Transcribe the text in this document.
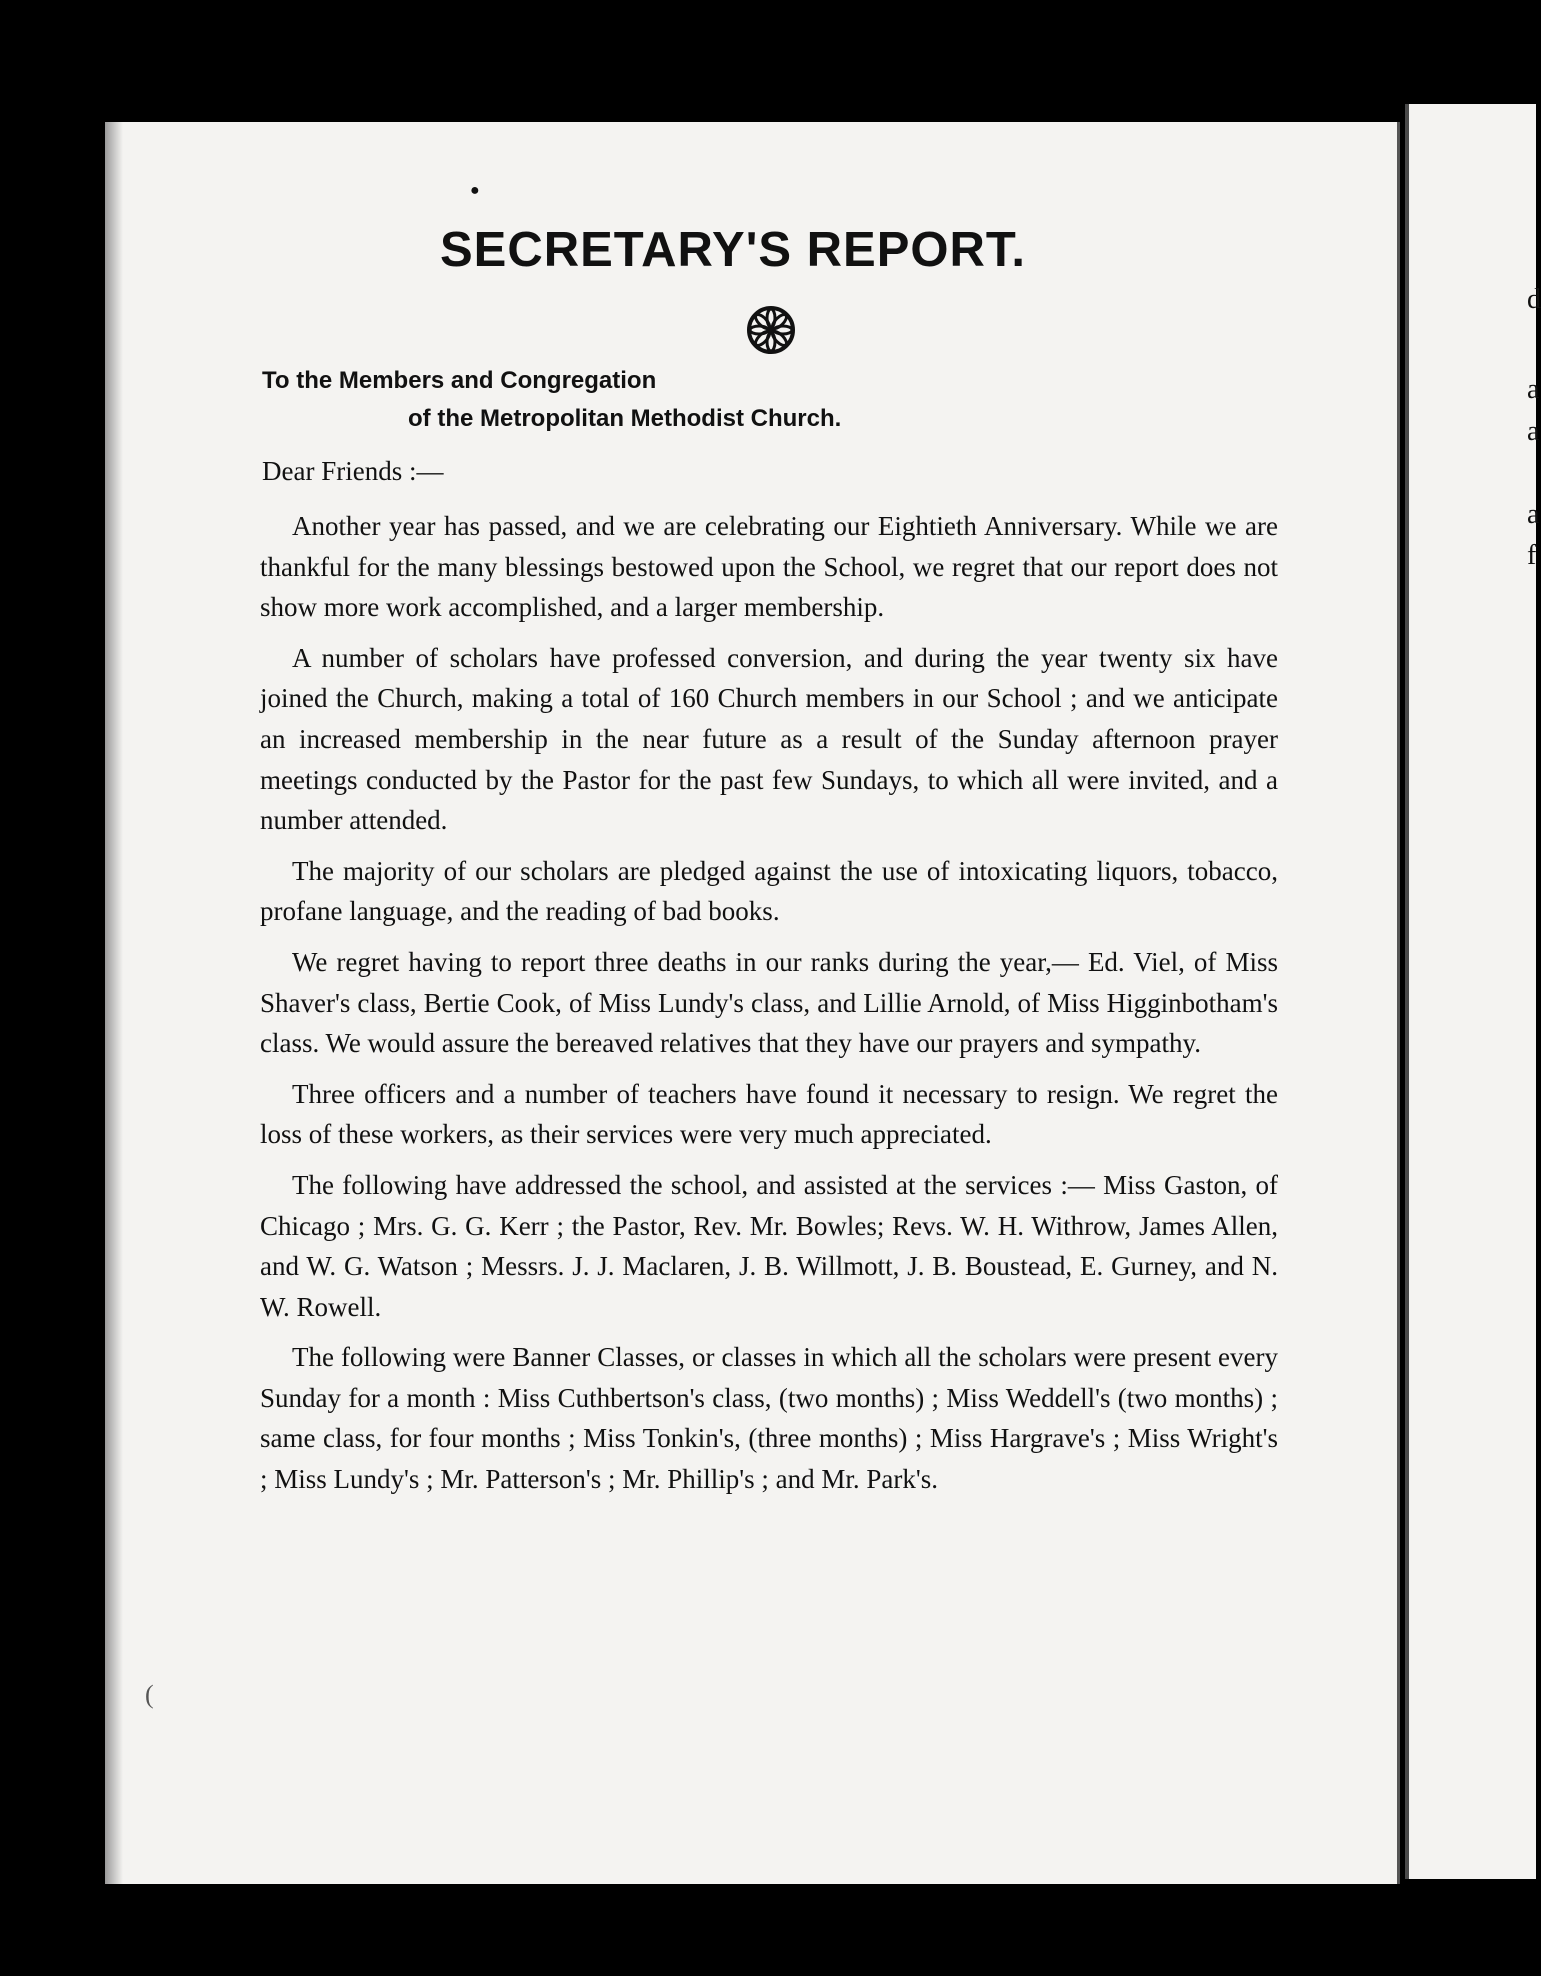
d
a
a
a
f
●
SECRETARY'S REPORT.
To the Members and Congregation
of the Metropolitan Methodist Church.
Dear Friends :—

Another year has passed, and we are celebrating our Eightieth Anniversary. While we are thankful for the many blessings bestowed upon the School, we regret that our report does not show more work accomplished, and a larger membership.

A number of scholars have professed conversion, and during the year twenty six have joined the Church, making a total of 160 Church members in our School ; and we anticipate an increased membership in the near future as a result of the Sunday afternoon prayer meetings conducted by the Pastor for the past few Sundays, to which all were invited, and a number attended.

The majority of our scholars are pledged against the use of intoxicating liquors, tobacco, profane language, and the reading of bad books.

We regret having to report three deaths in our ranks during the year,— Ed. Viel, of Miss Shaver's class, Bertie Cook, of Miss Lundy's class, and Lillie Arnold, of Miss Higginbotham's class. We would assure the bereaved relatives that they have our prayers and sympathy.

Three officers and a number of teachers have found it necessary to resign. We regret the loss of these workers, as their services were very much appreciated.

The following have addressed the school, and assisted at the services :— Miss Gaston, of Chicago ; Mrs. G. G. Kerr ; the Pastor, Rev. Mr. Bowles; Revs. W. H. Withrow, James Allen, and W. G. Watson ; Messrs. J. J. Maclaren, J. B. Willmott, J. B. Boustead, E. Gurney, and N. W. Rowell.

The following were Banner Classes, or classes in which all the scholars were present every Sunday for a month : Miss Cuthbertson's class, (two months) ; Miss Weddell's (two months) ; same class, for four months ; Miss Tonkin's, (three months) ; Miss Hargrave's ; Miss Wright's ; Miss Lundy's ; Mr. Patterson's ; Mr. Phillip's ; and Mr. Park's.

(
